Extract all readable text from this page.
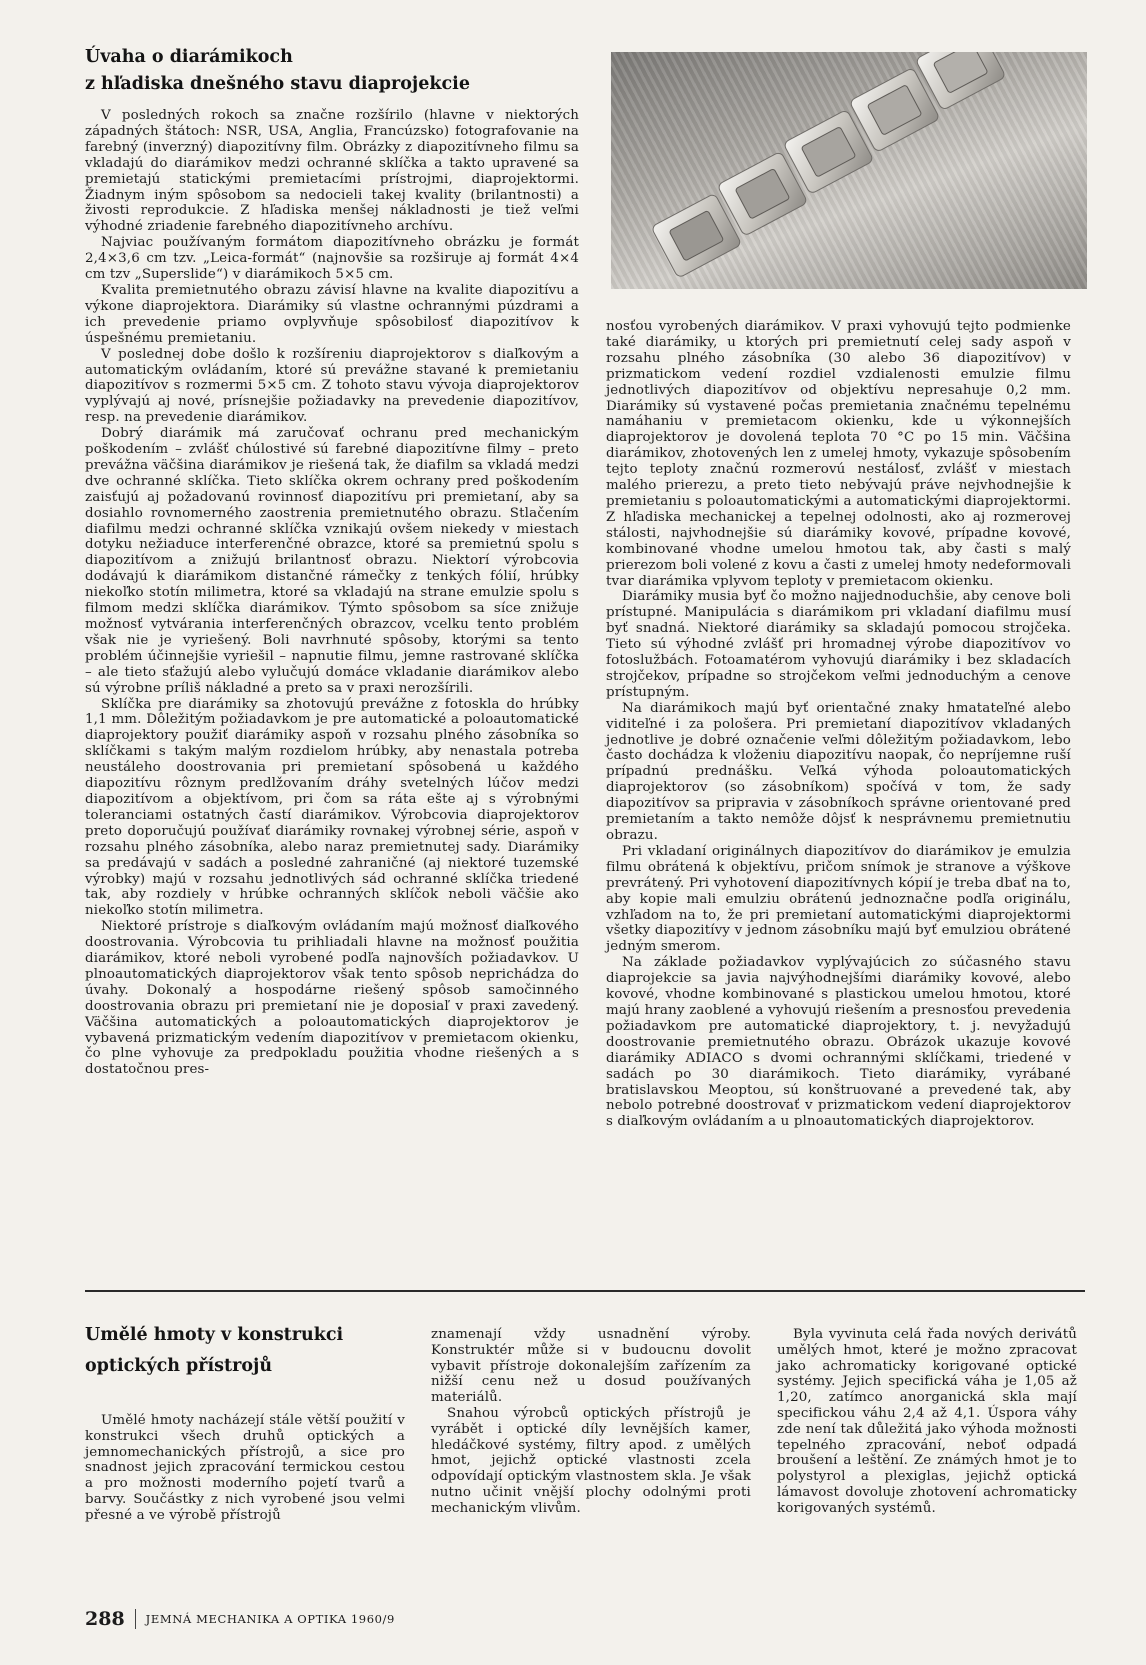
Úvaha o diarámikoch
z hľadiska dnešného stavu diaprojekcie

V posledných rokoch sa značne rozšírilo (hlavne v niektorých západných štátoch: NSR, USA, Anglia, Francúzsko) fotografovanie na farebný (inverzný) diapozitívny film. Obrázky z diapozitívneho filmu sa vkladajú do diarámikov medzi ochranné sklíčka a takto upravené sa premietajú statickými premietacími prístrojmi, diaprojektormi. Žiadnym iným spôsobom sa nedocieli takej kvality (brilantnosti) a živosti reprodukcie. Z hľadiska menšej nákladnosti je tiež veľmi výhodné zriadenie farebného diapozitívneho archívu.

Najviac používaným formátom diapozitívneho obrázku je formát 2,4×3,6 cm tzv. „Leica-formát“ (najnovšie sa rozširuje aj formát 4×4 cm tzv „Superslide“) v diarámikoch 5×5 cm.

Kvalita premietnutého obrazu závisí hlavne na kvalite diapozitívu a výkone diaprojektora. Diarámiky sú vlastne ochrannými púzdrami a ich prevedenie priamo ovplyvňuje spôsobilosť diapozitívov k úspešnému premietaniu.

V poslednej dobe došlo k rozšíreniu diaprojektorov s diaľkovým a automatickým ovládaním, ktoré sú prevážne stavané k premietaniu diapozitívov s rozmermi 5×5 cm. Z tohoto stavu vývoja diaprojektorov vyplývajú aj nové, prísnejšie požiadavky na prevedenie diapozitívov, resp. na prevedenie diarámikov.

Dobrý diarámik má zaručovať ochranu pred mechanickým poškodením – zvlášť chúlostivé sú farebné diapozitívne filmy – preto prevážna väčšina diarámikov je riešená tak, že diafilm sa vkladá medzi dve ochranné sklíčka. Tieto sklíčka okrem ochrany pred poškodením zaisťujú aj požadovanú rovinnosť diapozitívu pri premietaní, aby sa dosiahlo rovnomerného zaostrenia premietnutého obrazu. Stlačením diafilmu medzi ochranné sklíčka vznikajú ovšem niekedy v miestach dotyku nežiaduce interferenčné obrazce, ktoré sa premietnú spolu s diapozitívom a znižujú brilantnosť obrazu. Niektorí výrobcovia dodávajú k diarámikom distančné rámečky z tenkých fólií, hrúbky niekoľko stotín milimetra, ktoré sa vkladajú na strane emulzie spolu s filmom medzi sklíčka diarámikov. Týmto spôsobom sa síce znižuje možnosť vytvárania interferenčných obrazcov, vcelku tento problém však nie je vyriešený. Boli navrhnuté spôsoby, ktorými sa tento problém účinnejšie vyriešil – napnutie filmu, jemne rastrované sklíčka – ale tieto sťažujú alebo vylučujú domáce vkladanie diarámikov alebo sú výrobne príliš nákladné a preto sa v praxi nerozšírili.

Sklíčka pre diarámiky sa zhotovujú prevážne z fotoskla do hrúbky 1,1 mm. Dôležitým požiadavkom je pre automatické a poloautomatické diaprojektory použiť diarámiky aspoň v rozsahu plného zásobníka so sklíčkami s takým malým rozdielom hrúbky, aby nenastala potreba neustáleho doostrovania pri premietaní spôsobená u každého diapozitívu rôznym predlžovaním dráhy svetelných lúčov medzi diapozitívom a objektívom, pri čom sa ráta ešte aj s výrobnými toleranciami ostatných častí diarámikov. Výrobcovia diaprojektorov preto doporučujú používať diarámiky rovnakej výrobnej série, aspoň v rozsahu plného zásobníka, alebo naraz premietnutej sady. Diarámiky sa predávajú v sadách a posledné zahraničné (aj niektoré tuzemské výrobky) majú v rozsahu jednotlivých sád ochranné sklíčka triedené tak, aby rozdiely v hrúbke ochranných sklíčok neboli väčšie ako niekoľko stotín milimetra.

Niektoré prístroje s diaľkovým ovládaním majú možnosť diaľkového doostrovania. Výrobcovia tu prihliadali hlavne na možnosť použitia diarámikov, ktoré neboli vyrobené podľa najnovších požiadavkov. U plnoautomatických diaprojektorov však tento spôsob neprichádza do úvahy. Dokonalý a hospodárne riešený spôsob samočinného doostrovania obrazu pri premietaní nie je doposiaľ v praxi zavedený. Väčšina automatických a poloautomatických diaprojektorov je vybavená prizmatickým vedením diapozitívov v premietacom okienku, čo plne vyhovuje za predpokladu použitia vhodne riešených a s dostatočnou pres-

nosťou vyrobených diarámikov. V praxi vyhovujú tejto podmienke také diarámiky, u ktorých pri premietnutí celej sady aspoň v rozsahu plného zásobníka (30 alebo 36 diapozitívov) v prizmatickom vedení rozdiel vzdialenosti emulzie filmu jednotlivých diapozitívov od objektívu nepresahuje 0,2 mm. Diarámiky sú vystavené počas premietania značnému tepelnému namáhaniu v premietacom okienku, kde u výkonnejších diaprojektorov je dovolená teplota 70 °C po 15 min. Väčšina diarámikov, zhotovených len z umelej hmoty, vykazuje spôsobením tejto teploty značnú rozmerovú nestálosť, zvlášť v miestach malého prierezu, a preto tieto nebývajú práve nejvhodnejšie k premietaniu s poloautomatickými a automatickými diaprojektormi. Z hľadiska mechanickej a tepelnej odolnosti, ako aj rozmerovej stálosti, najvhodnejšie sú diarámiky kovové, prípadne kovové, kombinované vhodne umelou hmotou tak, aby časti s malý prierezom boli volené z kovu a časti z umelej hmoty nedeformovali tvar diarámika vplyvom teploty v premietacom okienku.

Diarámiky musia byť čo možno najjednoduchšie, aby cenove boli prístupné. Manipulácia s diarámikom pri vkladaní diafilmu musí byť snadná. Niektoré diarámiky sa skladajú pomocou strojčeka. Tieto sú výhodné zvlášť pri hromadnej výrobe diapozitívov vo fotoslužbách. Fotoamatérom vyhovujú diarámiky i bez skladacích strojčekov, prípadne so strojčekom veľmi jednoduchým a cenove prístupným.

Na diarámikoch majú byť orientačné znaky hmatateľné alebo viditeľné i za pološera. Pri premietaní diapozitívov vkladaných jednotlive je dobré označenie veľmi dôležitým požiadavkom, lebo často dochádza k vloženiu diapozitívu naopak, čo nepríjemne ruší prípadnú prednášku. Veľká výhoda poloautomatických diaprojektorov (so zásobníkom) spočívá v tom, že sady diapozitívov sa pripravia v zásobníkoch správne orientované pred premietaním a takto nemôže dôjsť k nesprávnemu premietnutiu obrazu.

Pri vkladaní originálnych diapozitívov do diarámikov je emulzia filmu obrátená k objektívu, pričom snímok je stranove a výškove prevrátený. Pri vyhotovení diapozitívnych kópií je treba dbať na to, aby kopie mali emulziu obrátenú jednoznačne podľa originálu, vzhľadom na to, že pri premietaní automatickými diaprojektormi všetky diapozitívy v jednom zásobníku majú byť emulziou obrátené jedným smerom.

Na základe požiadavkov vyplývajúcich zo súčasného stavu diaprojekcie sa javia najvýhodnejšími diarámiky kovové, alebo kovové, vhodne kombinované s plastickou umelou hmotou, ktoré majú hrany zaoblené a vyhovujú riešením a presnosťou prevedenia požiadavkom pre automatické diaprojektory, t. j. nevyžadujú doostrovanie premietnutého obrazu. Obrázok ukazuje kovové diarámiky ADIACO s dvomi ochrannými sklíčkami, triedené v sadách po 30 diarámikoch. Tieto diarámiky, vyrábané bratislavskou Meoptou, sú konštruované a prevedené tak, aby nebolo potrebné doostrovať v prizmatickom vedení diaprojektorov s diaľkovým ovládaním a u plnoautomatických diaprojektorov.

Umělé hmoty v konstrukci
optických přístrojů

Umělé hmoty nacházejí stále větší použití v konstrukci všech druhů optických a jemnomechanických přístrojů, a sice pro snadnost jejich zpracování termickou cestou a pro možnosti moderního pojetí tvarů a barvy. Součástky z nich vyrobené jsou velmi přesné a ve výrobě přístrojů

znamenají vždy usnadnění výroby. Konstruktér může si v budoucnu dovolit vybavit přístroje dokonalejším zařízením za nižší cenu než u dosud používaných materiálů.

Snahou výrobců optických přístrojů je vyrábět i optické díly levnějších kamer, hledáčkové systémy, filtry apod. z umělých hmot, jejichž optické vlastnosti zcela odpovídají optickým vlastnostem skla. Je však nutno učinit vnější plochy odolnými proti mechanickým vlivům.

Byla vyvinuta celá řada nových derivátů umělých hmot, které je možno zpracovat jako achromaticky korigované optické systémy. Jejich specifická váha je 1,05 až 1,20, zatímco anorganická skla mají specifickou váhu 2,4 až 4,1. Úspora váhy zde není tak důležitá jako výhoda možnosti tepelného zpracování, neboť odpadá broušení a leštění. Ze známých hmot je to polystyrol a plexiglas, jejichž optická lámavost dovoluje zhotovení achromaticky korigovaných systémů.

288 JEMNÁ MECHANIKA A OPTIKA 1960/9
